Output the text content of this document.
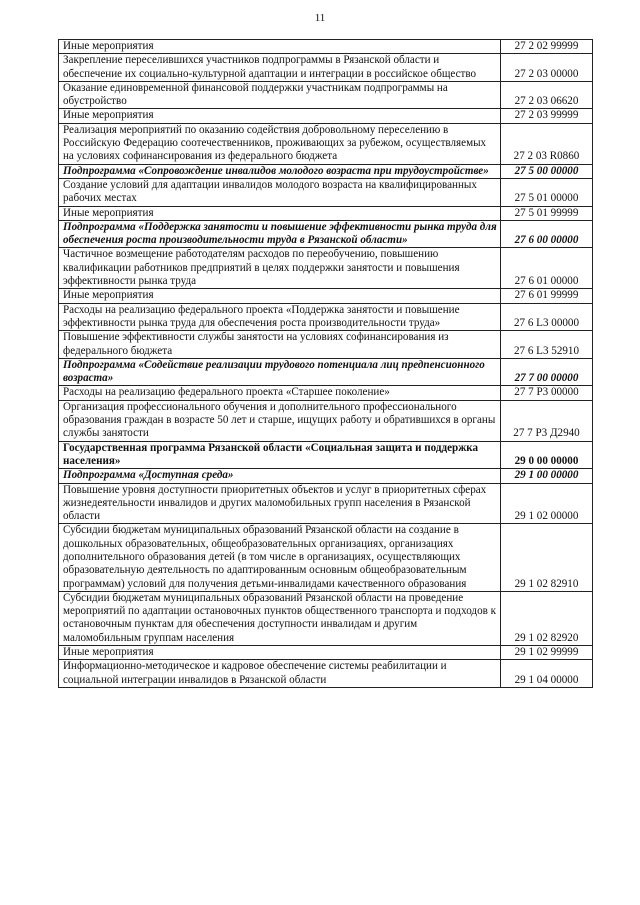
11
Иные мероприятия	27 2 02 99999
Закрепление переселившихся участников подпрограммы в Рязанской области и обеспечение их социально-культурной адаптации и интеграции в российское общество	27 2 03 00000
Оказание единовременной финансовой поддержки участникам подпрограммы на обустройство	27 2 03 06620
Иные мероприятия	27 2 03 99999
Реализация мероприятий по оказанию содействия добровольному переселению в Российскую Федерацию соотечественников, проживающих за рубежом, осуществляемых на условиях софинансирования из федерального бюджета	27 2 03 R0860
Подпрограмма «Сопровождение инвалидов молодого возраста при трудоустройстве»	27 5 00 00000
Создание условий для адаптации инвалидов молодого возраста на квалифицированных рабочих местах	27 5 01 00000
Иные мероприятия	27 5 01 99999
Подпрограмма «Поддержка занятости и повышение эффективности рынка труда для обеспечения роста производительности труда в Рязанской области»	27 6 00 00000
Частичное возмещение работодателям расходов по переобучению, повышению квалификации работников предприятий в целях поддержки занятости и повышения эффективности рынка труда	27 6 01 00000
Иные мероприятия	27 6 01 99999
Расходы на реализацию федерального проекта «Поддержка занятости и повышение эффективности рынка труда для обеспечения роста производительности труда»	27 6 L3 00000
Повышение эффективности службы занятости на условиях софинансирования из федерального бюджета	27 6 L3 52910
Подпрограмма «Содействие реализации трудового потенциала лиц предпенсионного возраста»	27 7 00 00000
Расходы на реализацию федерального проекта «Старшее поколение»	27 7 P3 00000
Организация профессионального обучения и дополнительного профессионального образования граждан в возрасте 50 лет и старше, ищущих работу и обратившихся в органы службы занятости	27 7 P3 Д2940
Государственная программа Рязанской области «Социальная защита и поддержка населения»	29 0 00 00000
Подпрограмма «Доступная среда»	29 1 00 00000
Повышение уровня доступности приоритетных объектов и услуг в приоритетных сферах жизнедеятельности инвалидов и других маломобильных групп населения в Рязанской области	29 1 02 00000
Субсидии бюджетам муниципальных образований Рязанской области на создание в дошкольных образовательных, общеобразовательных организациях, организациях дополнительного образования детей (в том числе в организациях, осуществляющих образовательную деятельность по адаптированным основным общеобразовательным программам) условий для получения детьми-инвалидами качественного образования	29 1 02 82910
Субсидии бюджетам муниципальных образований Рязанской области на проведение мероприятий по адаптации остановочных пунктов общественного транспорта и подходов к остановочным пунктам для обеспечения доступности инвалидам и другим маломобильным группам населения	29 1 02 82920
Иные мероприятия	29 1 02 99999
Информационно-методическое и кадровое обеспечение системы реабилитации и социальной интеграции инвалидов в Рязанской области	29 1 04 00000
